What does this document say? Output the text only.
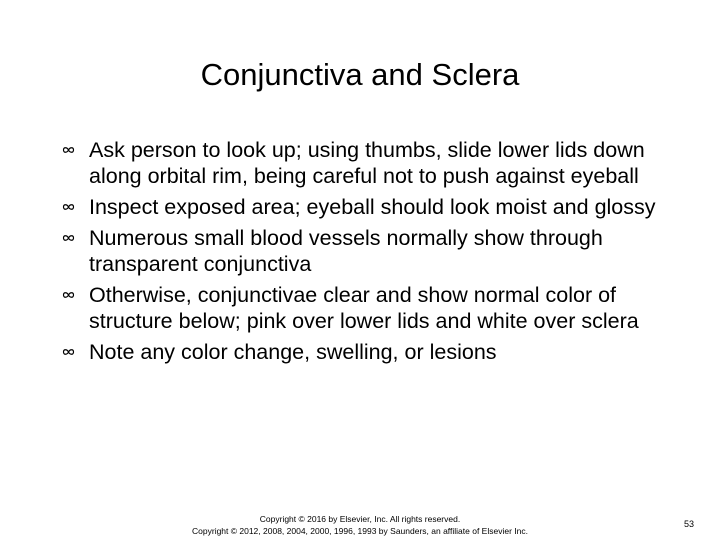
Conjunctiva and Sclera
Ask person to look up; using thumbs, slide lower lids down along orbital rim, being careful not to push against eyeball
Inspect exposed area; eyeball should look moist and glossy
Numerous small blood vessels normally show through transparent conjunctiva
Otherwise, conjunctivae clear and show normal color of structure below; pink over lower lids and white over sclera
Note any color change, swelling, or lesions
Copyright © 2016 by Elsevier, Inc. All rights reserved.
Copyright © 2012, 2008, 2004, 2000, 1996, 1993 by Saunders, an affiliate of Elsevier Inc.
53
